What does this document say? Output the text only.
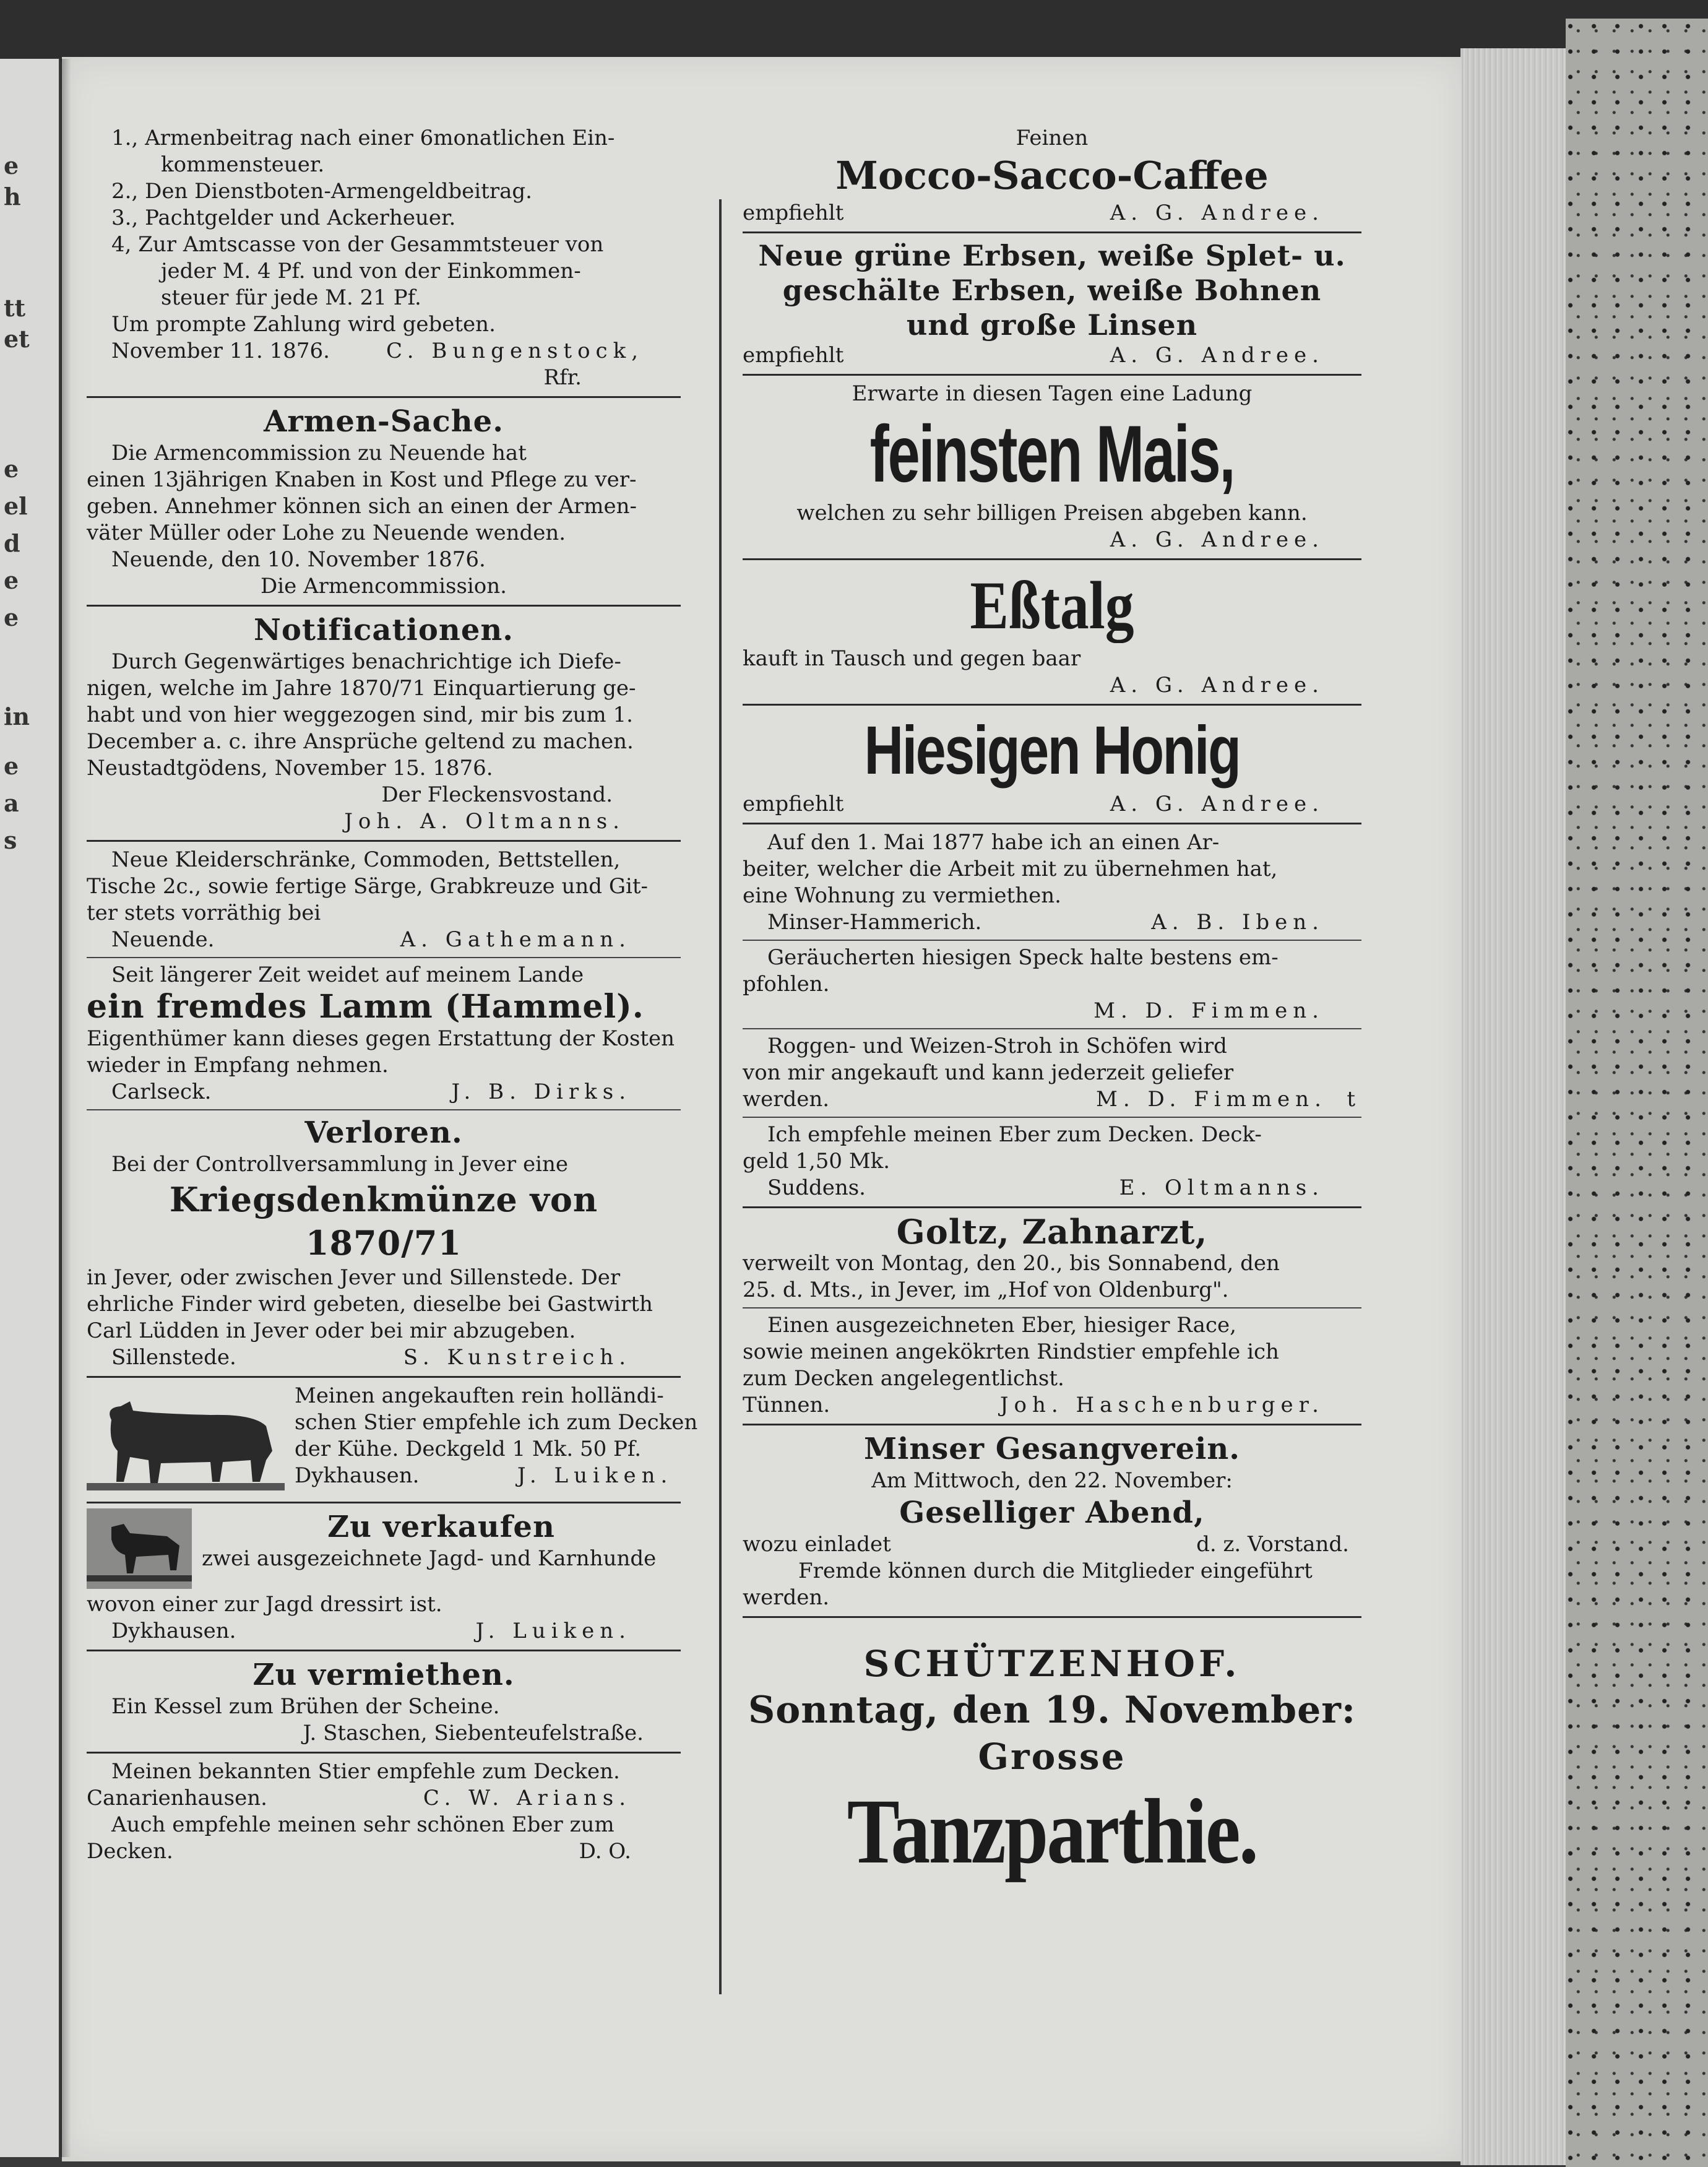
e
h
tt
et
e
el
d
e
e
in
e
a
s
1., Armenbeitrag nach einer 6monatlichen Ein-
kommensteuer.
2., Den Dienstboten-Armengeldbeitrag.
3., Pachtgelder und Ackerheuer.
4, Zur Amtscasse von der Gesammtsteuer von
jeder M. 4 Pf. und von der Einkommen-
steuer für jede M. 21 Pf.
Um prompte Zahlung wird gebeten.
November 11. 1876.	C. Bungenstock,
Rfr.
Armen-Sache.
Die Armencommission zu Neuende hat
einen 13jährigen Knaben in Kost und Pflege zu ver-
geben. Annehmer können sich an einen der Armen-
väter Müller oder Lohe zu Neuende wenden.
Neuende, den 10. November 1876.
Die Armencommission.
Notificationen.
Durch Gegenwärtiges benachrichtige ich Diefe-
nigen, welche im Jahre 1870/71 Einquartierung ge-
habt und von hier weggezogen sind, mir bis zum 1.
December a. c. ihre Ansprüche geltend zu machen.
Neustadtgödens, November 15. 1876.
Der Fleckensvostand.
Joh. A. Oltmanns.
Neue Kleiderschränke, Commoden, Bettstellen,
Tische 2c., sowie fertige Särge, Grabkreuze und Git-
ter stets vorräthig bei
Neuende.	A. Gathemann.
Seit längerer Zeit weidet auf meinem Lande
ein fremdes Lamm (Hammel).
Eigenthümer kann dieses gegen Erstattung der Kosten
wieder in Empfang nehmen.
Carlseck.	J. B. Dirks.
Verloren.
Bei der Controllversammlung in Jever eine
Kriegsdenkmünze von 1870/71
in Jever, oder zwischen Jever und Sillenstede. Der
ehrliche Finder wird gebeten, dieselbe bei Gastwirth
Carl Lüdden in Jever oder bei mir abzugeben.
Sillenstede.	S. Kunstreich.
Meinen angekauften rein holländi-
schen Stier empfehle ich zum Decken
der Kühe. Deckgeld 1 Mk. 50 Pf.
Dykhausen.	J. Luiken.
Zu verkaufen
zwei ausgezeichnete Jagd- und Karnhunde
wovon einer zur Jagd dressirt ist.
Dykhausen.	J. Luiken.
Zu vermiethen.
Ein Kessel zum Brühen der Scheine.
J. Staschen, Siebenteufelstraße.
Meinen bekannten Stier empfehle zum Decken.
Canarienhausen.	C. W. Arians.
Auch empfehle meinen sehr schönen Eber zum
Decken.	D. O.
Feinen
Mocco-Sacco-Caffee
empfiehlt	A. G. Andree.
Neue grüne Erbsen, weiße Splet- u.
geschälte Erbsen, weiße Bohnen
und große Linsen
empfiehlt	A. G. Andree.
Erwarte in diesen Tagen eine Ladung
feinsten Mais,
welchen zu sehr billigen Preisen abgeben kann.
A. G. Andree.
Eßtalg
kauft in Tausch und gegen baar
A. G. Andree.
Hiesigen Honig
empfiehlt	A. G. Andree.
Auf den 1. Mai 1877 habe ich an einen Ar-
beiter, welcher die Arbeit mit zu übernehmen hat,
eine Wohnung zu vermiethen.
Minser-Hammerich.	A. B. Iben.
Geräucherten hiesigen Speck halte bestens em-
pfohlen.
M. D. Fimmen.
Roggen- und Weizen-Stroh in Schöfen wird
von mir angekauft und kann jederzeit geliefer
werden.	M. D. Fimmen. t
Ich empfehle meinen Eber zum Decken. Deck-
geld 1,50 Mk.
Suddens.	E. Oltmanns.
Goltz, Zahnarzt,
verweilt von Montag, den 20., bis Sonnabend, den
25. d. Mts., in Jever, im „Hof von Oldenburg".
Einen ausgezeichneten Eber, hiesiger Race,
sowie meinen angekökrten Rindstier empfehle ich
zum Decken angelegentlichst.
Tünnen.	Joh. Haschenburger.
Minser Gesangverein.
Am Mittwoch, den 22. November:
Geselliger Abend,
wozu einladet	d. z. Vorstand.
Fremde können durch die Mitglieder eingeführt
werden.
SCHÜTZENHOF.
Sonntag, den 19. November:
Grosse
Tanzparthie.
